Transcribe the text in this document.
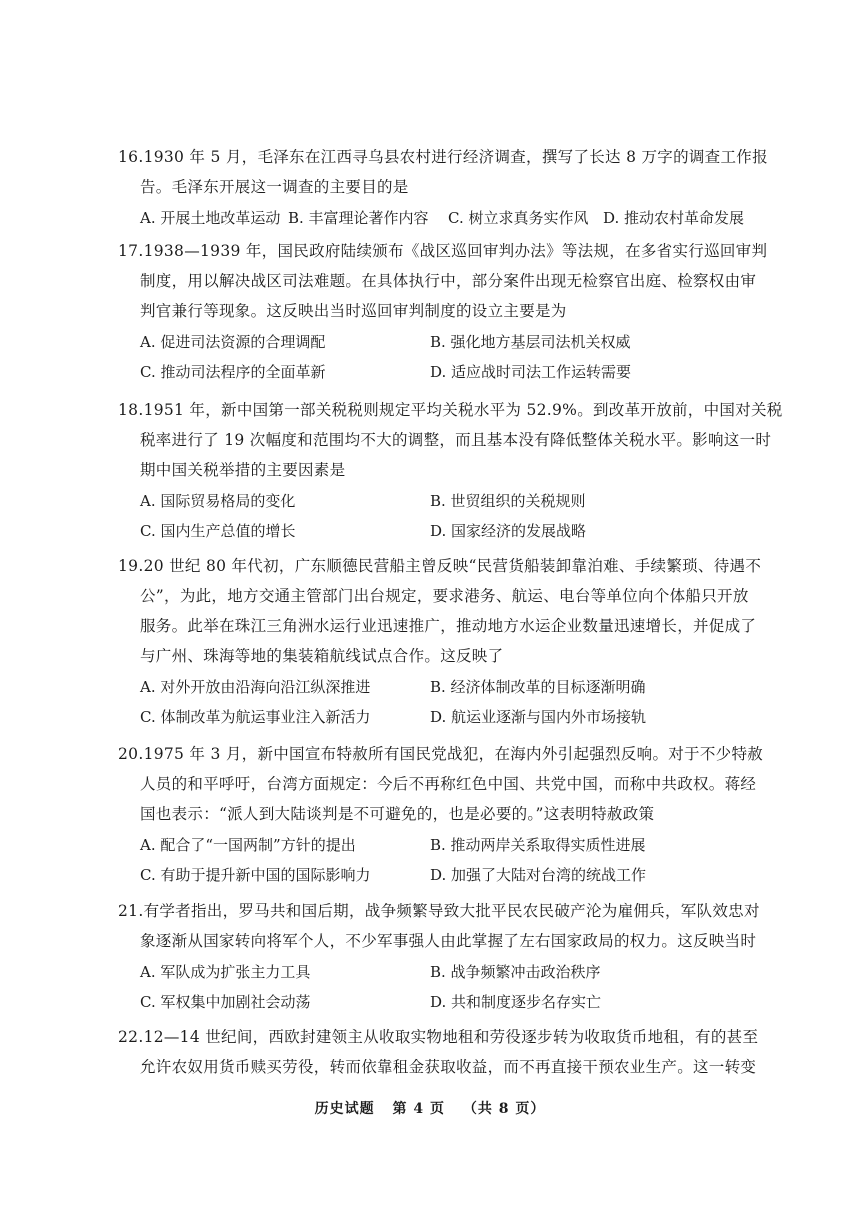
16.1930 年 5 月，毛泽东在江西寻乌县农村进行经济调查，撰写了长达 8 万字的调查工作报
告。毛泽东开展这一调查的主要目的是
A. 开展土地改革运动 B. 丰富理论著作内容 C. 树立求真务实作风 D. 推动农村革命发展
17.1938—1939 年，国民政府陆续颁布《战区巡回审判办法》等法规，在多省实行巡回审判
制度，用以解决战区司法难题。在具体执行中，部分案件出现无检察官出庭、检察权由审
判官兼行等现象。这反映出当时巡回审判制度的设立主要是为
A. 促进司法资源的合理调配	B. 强化地方基层司法机关权威
C. 推动司法程序的全面革新	D. 适应战时司法工作运转需要
18.1951 年，新中国第一部关税税则规定平均关税水平为 52.9%。到改革开放前，中国对关税
税率进行了 19 次幅度和范围均不大的调整，而且基本没有降低整体关税水平。影响这一时
期中国关税举措的主要因素是
A. 国际贸易格局的变化	B. 世贸组织的关税规则
C. 国内生产总值的增长	D. 国家经济的发展战略
19.20 世纪 80 年代初，广东顺德民营船主曾反映“民营货船装卸靠泊难、手续繁琐、待遇不
公”，为此，地方交通主管部门出台规定，要求港务、航运、电台等单位向个体船只开放
服务。此举在珠江三角洲水运行业迅速推广，推动地方水运企业数量迅速增长，并促成了
与广州、珠海等地的集装箱航线试点合作。这反映了
A. 对外开放由沿海向沿江纵深推进	B. 经济体制改革的目标逐渐明确
C. 体制改革为航运事业注入新活力	D. 航运业逐渐与国内外市场接轨
20.1975 年 3 月，新中国宣布特赦所有国民党战犯，在海内外引起强烈反响。对于不少特赦
人员的和平呼吁，台湾方面规定：今后不再称红色中国、共党中国，而称中共政权。蒋经
国也表示：“派人到大陆谈判是不可避免的，也是必要的。”这表明特赦政策
A. 配合了“一国两制”方针的提出	B. 推动两岸关系取得实质性进展
C. 有助于提升新中国的国际影响力	D. 加强了大陆对台湾的统战工作
21.有学者指出，罗马共和国后期，战争频繁导致大批平民农民破产沦为雇佣兵，军队效忠对
象逐渐从国家转向将军个人，不少军事强人由此掌握了左右国家政局的权力。这反映当时
A. 军队成为扩张主力工具	B. 战争频繁冲击政治秩序
C. 军权集中加剧社会动荡	D. 共和制度逐步名存实亡
22.12—14 世纪间，西欧封建领主从收取实物地租和劳役逐步转为收取货币地租，有的甚至
允许农奴用货币赎买劳役，转而依靠租金获取收益，而不再直接干预农业生产。这一转变
历史试题 第 4 页 （共 8 页）
